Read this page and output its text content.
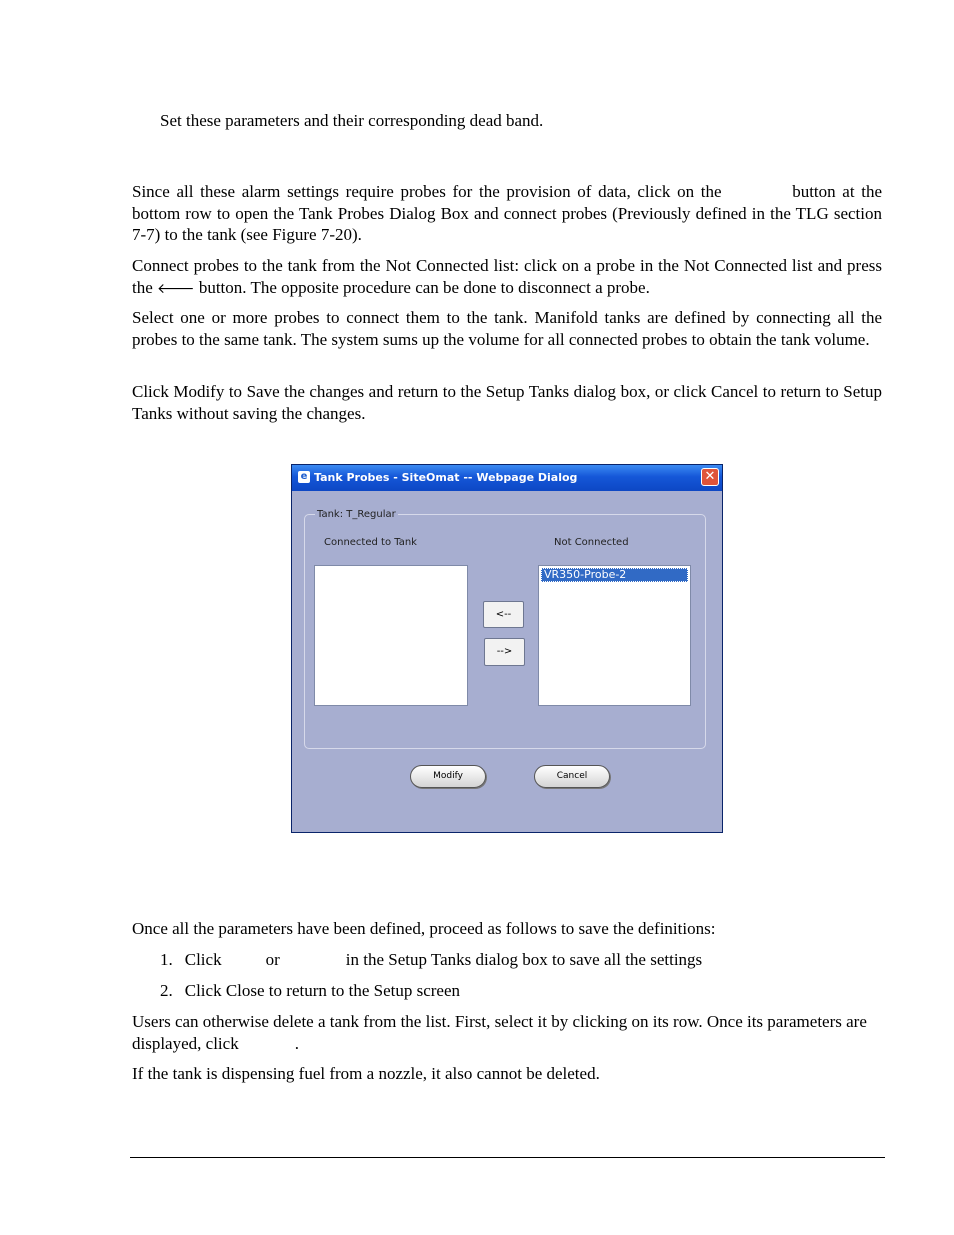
Set these parameters and their corresponding dead band.

Since all these alarm settings require probes for the provision of data, click on the	button at the bottom row to open the Tank Probes Dialog Box and connect probes (Previously defined in the TLG section 7-7) to the tank (see Figure 7-20).

Connect probes to the tank from the Not Connected list: click on a probe in the Not Connected list and press the 🡐 button. The opposite procedure can be done to disconnect a probe.

Select one or more probes to connect them to the tank. Manifold tanks are defined by connecting all the probes to the same tank. The system sums up the volume for all connected probes to obtain the tank volume.

Click Modify to Save the changes and return to the Setup Tanks dialog box, or click Cancel to return to Setup Tanks without saving the changes.

e Tank Probes - SiteOmat -- Webpage Dialog	✕
Tank: T_Regular
Connected to Tank	Not Connected
VR350-Probe-2
<--
-->
Modify	Cancel

Once all the parameters have been defined, proceed as follows to save the definitions:

1. Click	or	in the Setup Tanks dialog box to save all the settings

2. Click Close to return to the Setup screen

Users can otherwise delete a tank from the list. First, select it by clicking on its row. Once its parameters are displayed, click	.

If the tank is dispensing fuel from a nozzle, it also cannot be deleted.
